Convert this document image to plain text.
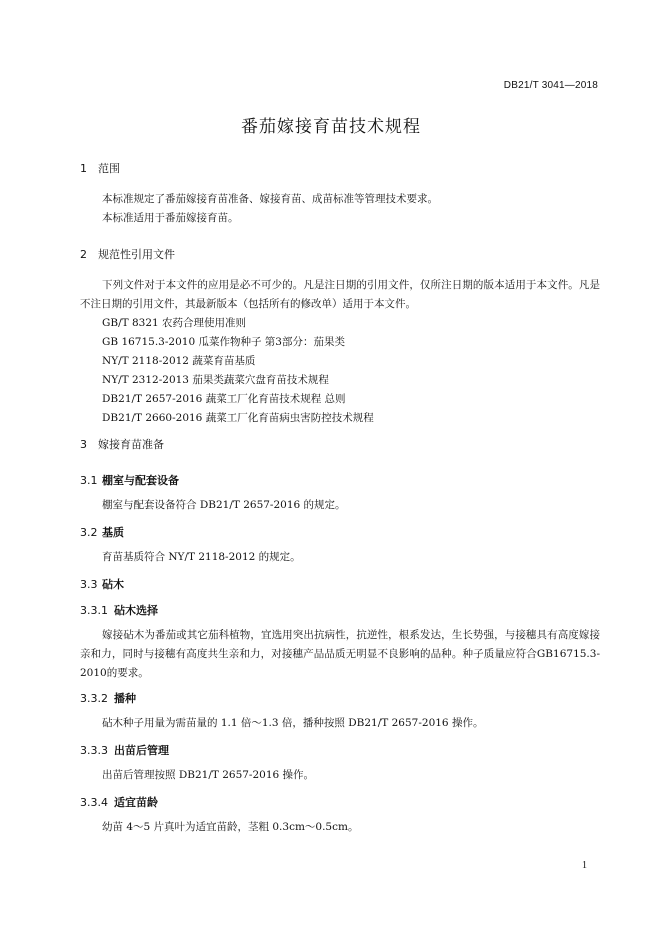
DB21/T 3041—2018
番茄嫁接育苗技术规程
1 范围
本标准规定了番茄嫁接育苗准备、嫁接育苗、成苗标准等管理技术要求。
本标准适用于番茄嫁接育苗。
2 规范性引用文件
下列文件对于本文件的应用是必不可少的。凡是注日期的引用文件，仅所注日期的版本适用于本文件。凡是不注日期的引用文件，其最新版本（包括所有的修改单）适用于本文件。
GB/T 8321 农药合理使用准则
GB 16715.3-2010 瓜菜作物种子 第3部分：茄果类
NY/T 2118-2012 蔬菜育苗基质
NY/T 2312-2013 茄果类蔬菜穴盘育苗技术规程
DB21/T 2657-2016 蔬菜工厂化育苗技术规程 总则
DB21/T 2660-2016 蔬菜工厂化育苗病虫害防控技术规程
3 嫁接育苗准备
3.1 棚室与配套设备
棚室与配套设备符合 DB21/T 2657-2016 的规定。
3.2 基质
育苗基质符合 NY/T 2118-2012 的规定。
3.3 砧木
3.3.1 砧木选择
嫁接砧木为番茄或其它茄科植物，宜选用突出抗病性，抗逆性，根系发达，生长势强，与接穗具有高度嫁接亲和力，同时与接穗有高度共生亲和力，对接穗产品品质无明显不良影响的品种。种子质量应符合GB16715.3-2010的要求。
3.3.2 播种
砧木种子用量为需苗量的 1.1 倍～1.3 倍，播种按照 DB21/T 2657-2016 操作。
3.3.3 出苗后管理
出苗后管理按照 DB21/T 2657-2016 操作。
3.3.4 适宜苗龄
幼苗 4～5 片真叶为适宜苗龄，茎粗 0.3cm～0.5cm。
1
